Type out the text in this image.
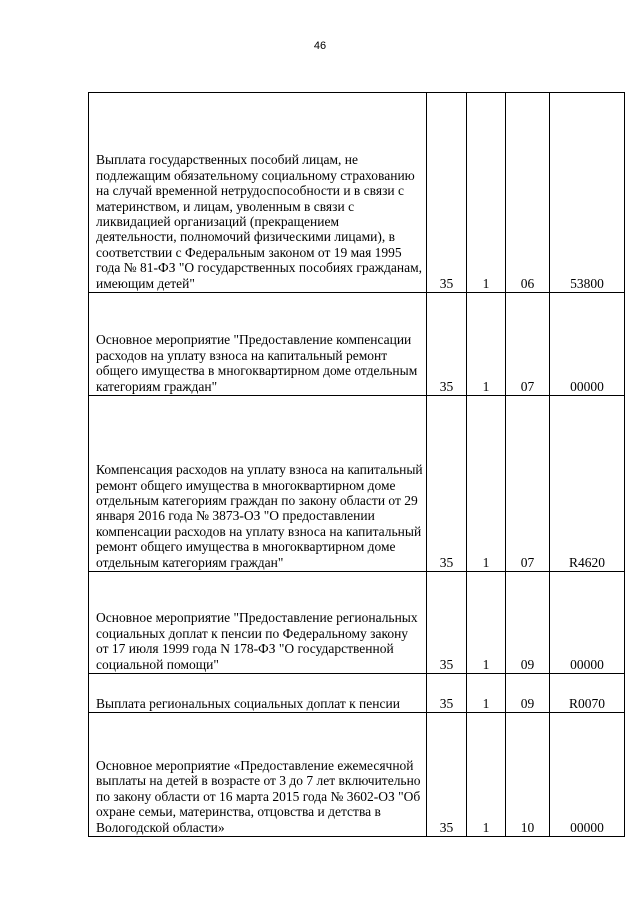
46
Выплата государственных пособий лицам, не подлежащим обязательному социальному страхованию на случай временной нетрудоспособности и в связи с материнством, и лицам, уволенным в связи с ликвидацией организаций (прекращением деятельности, полномочий физическими лицами), в соответствии с Федеральным законом от 19 мая 1995 года № 81-ФЗ "О государственных пособиях гражданам, имеющим детей"	35	1	06	53800
Основное мероприятие "Предоставление компенсации расходов на уплату взноса на капитальный ремонт общего имущества в многоквартирном доме отдельным категориям граждан"	35	1	07	00000
Компенсация расходов на уплату взноса на капитальный ремонт общего имущества в многоквартирном доме отдельным категориям граждан по закону области от 29 января 2016 года № 3873-ОЗ "О предоставлении компенсации расходов на уплату взноса на капитальный ремонт общего имущества в многоквартирном доме отдельным категориям граждан"	35	1	07	R4620
Основное мероприятие "Предоставление региональных социальных доплат к пенсии по Федеральному закону от 17 июля 1999 года N 178-ФЗ "О государственной социальной помощи"	35	1	09	00000
Выплата региональных социальных доплат к пенсии	35	1	09	R0070
Основное мероприятие «Предоставление ежемесячной выплаты на детей в возрасте от 3 до 7 лет включительно по закону области от 16 марта 2015 года № 3602-ОЗ "Об охране семьи, материнства, отцовства и детства в Вологодской области»	35	1	10	00000
